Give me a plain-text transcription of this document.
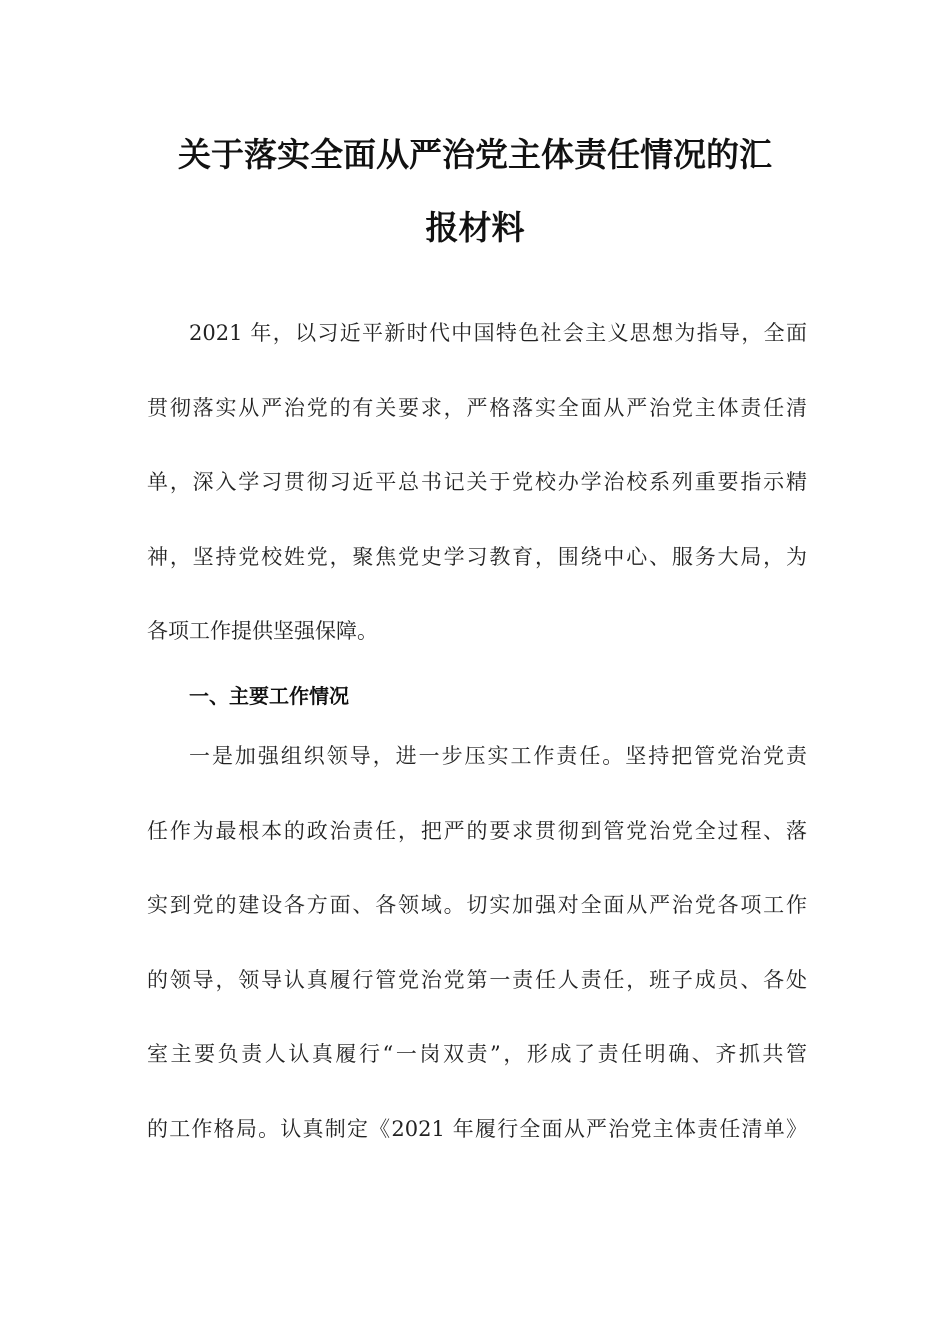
关于落实全面从严治党主体责任情况的汇
报材料

2021 年，以习近平新时代中国特色社会主义思想为指导，全面

贯彻落实从严治党的有关要求，严格落实全面从严治党主体责任清

单，深入学习贯彻习近平总书记关于党校办学治校系列重要指示精

神，坚持党校姓党，聚焦党史学习教育，围绕中心、服务大局，为

各项工作提供坚强保障。

一、主要工作情况

一是加强组织领导，进一步压实工作责任。坚持把管党治党责

任作为最根本的政治责任，把严的要求贯彻到管党治党全过程、落

实到党的建设各方面、各领域。切实加强对全面从严治党各项工作

的领导，领导认真履行管党治党第一责任人责任，班子成员、各处

室主要负责人认真履行“一岗双责”，形成了责任明确、齐抓共管

的工作格局。认真制定《2021 年履行全面从严治党主体责任清单》
